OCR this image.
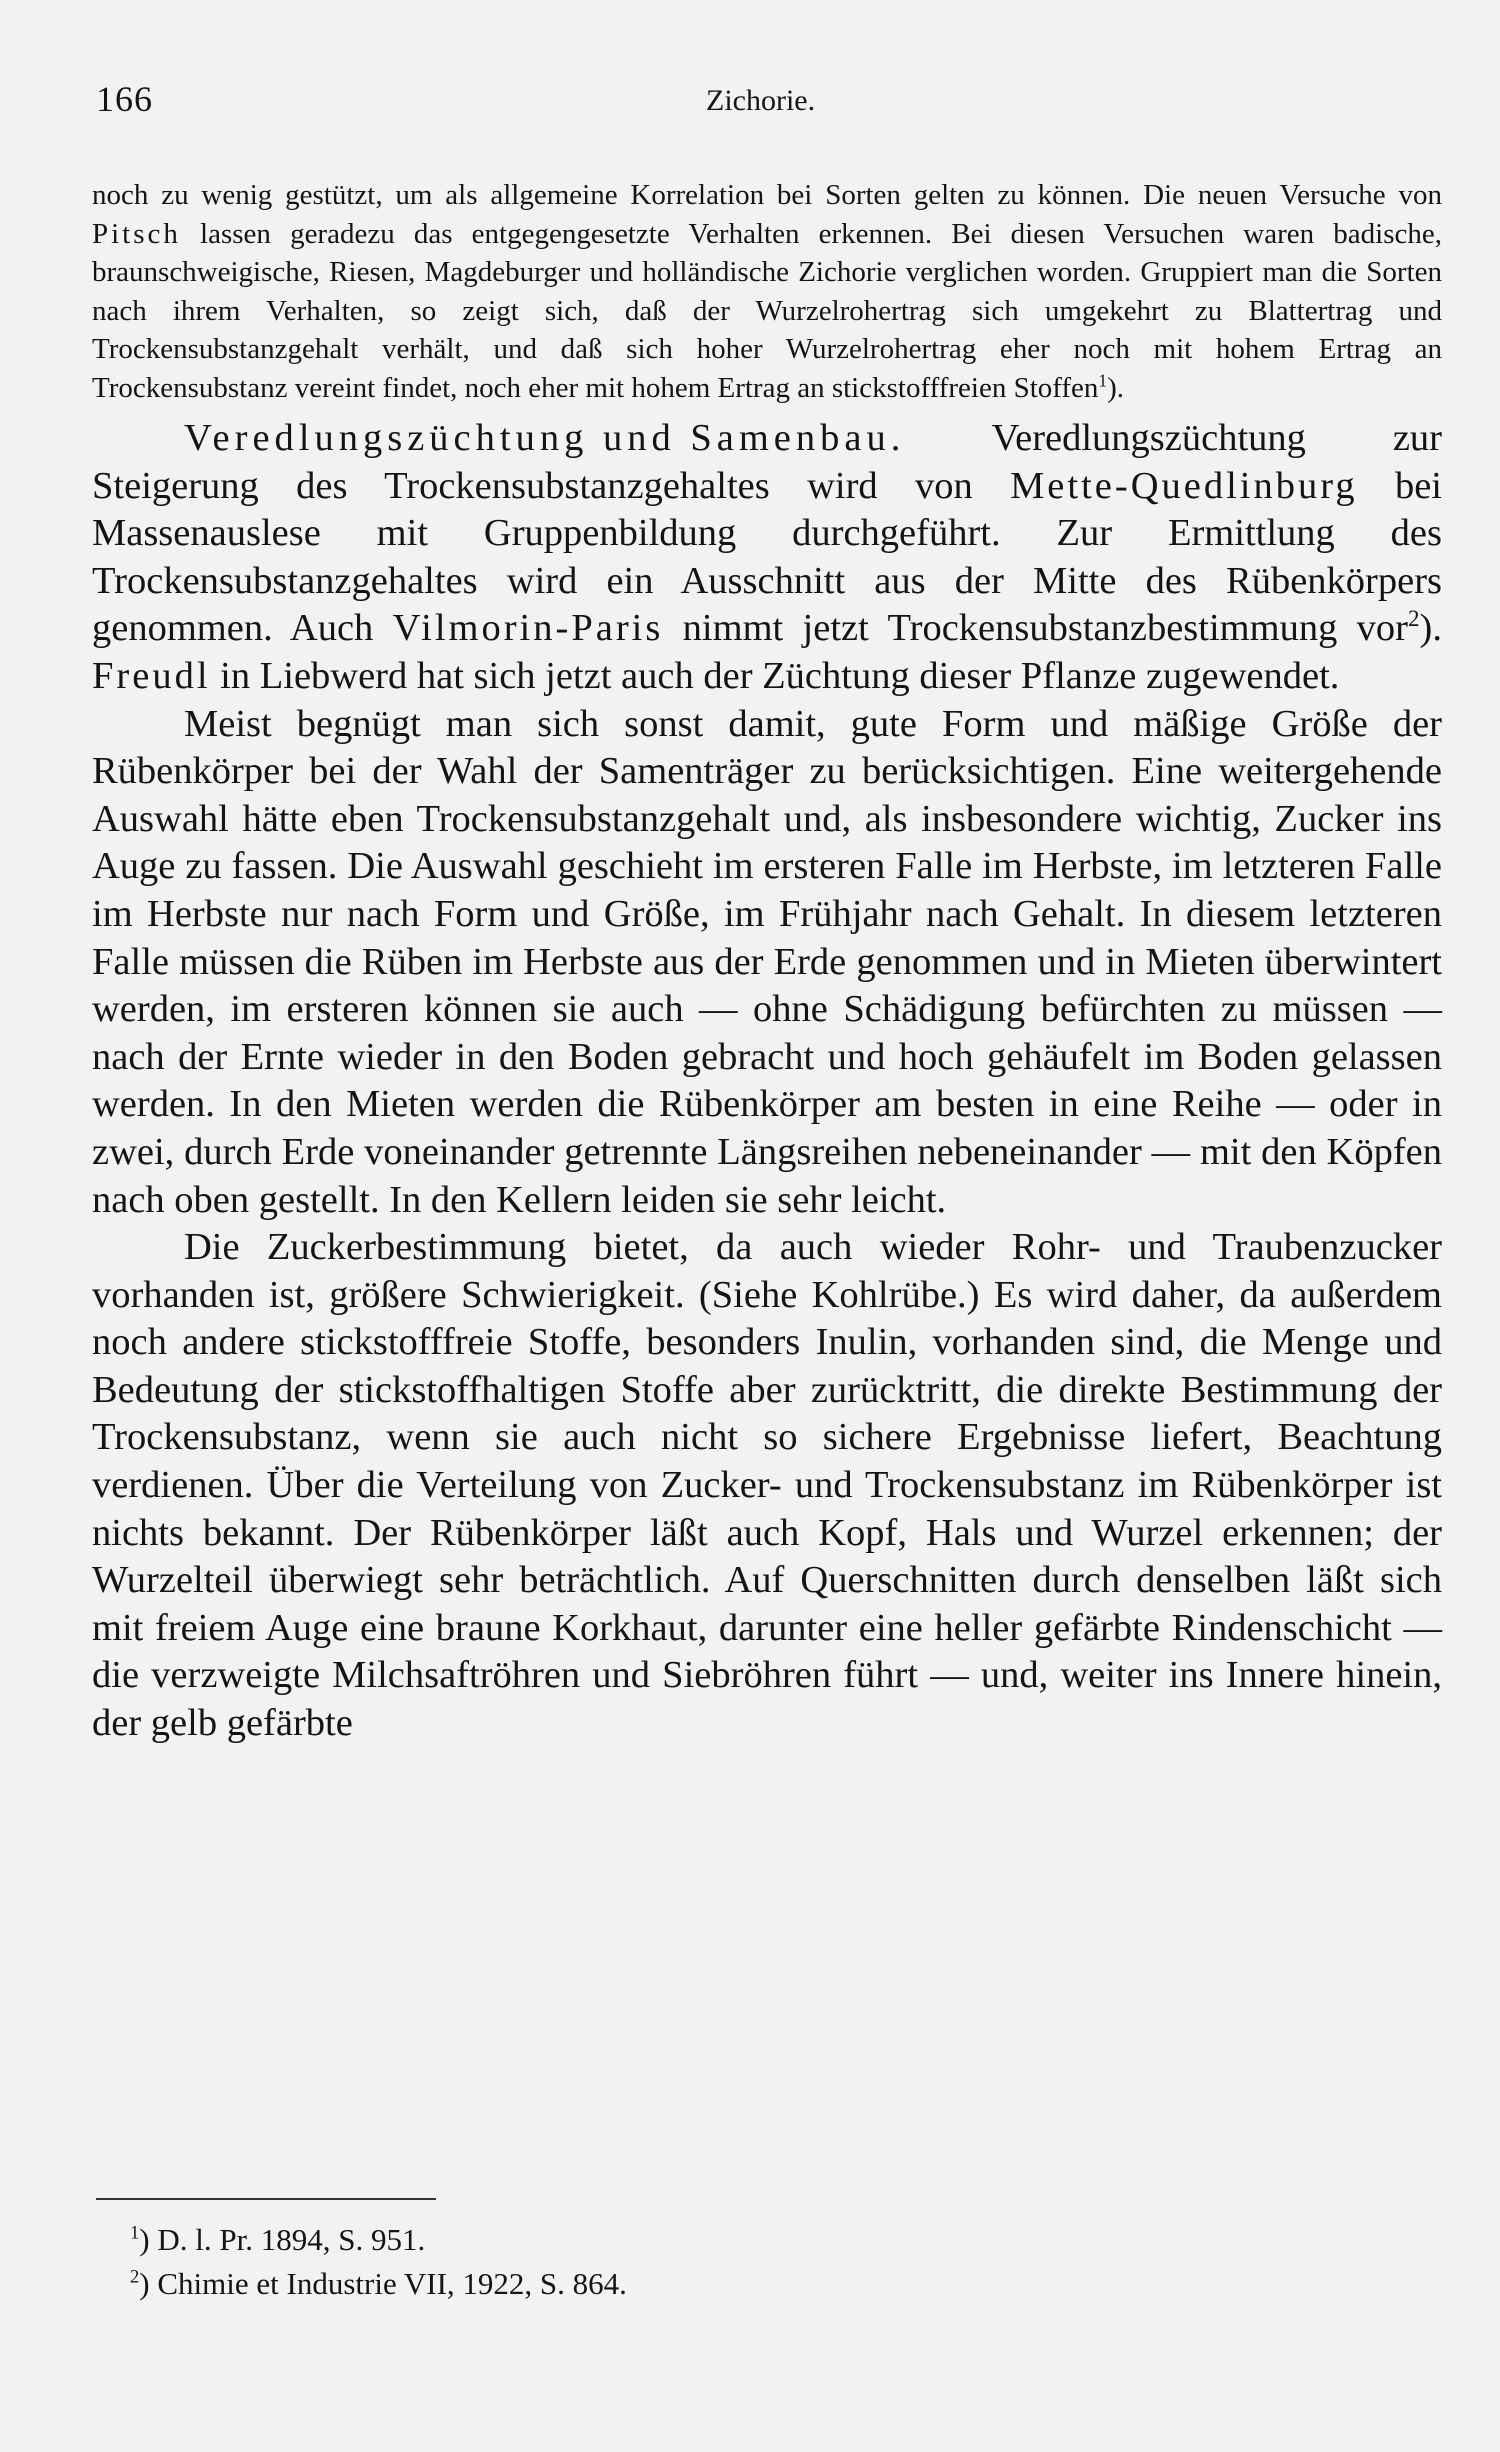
166	Zichorie.

noch zu wenig gestützt, um als allgemeine Korrelation bei Sorten gelten zu können. Die neuen Versuche von Pitsch lassen geradezu das entgegengesetzte Verhalten erkennen. Bei diesen Versuchen waren badische, braunschweigische, Riesen, Magdeburger und holländische Zichorie verglichen worden. Gruppiert man die Sorten nach ihrem Verhalten, so zeigt sich, daß der Wurzelrohertrag sich umgekehrt zu Blattertrag und Trockensubstanzgehalt verhält, und daß sich hoher Wurzelrohertrag eher noch mit hohem Ertrag an Trockensubstanz vereint findet, noch eher mit hohem Ertrag an stickstofffreien Stoffen$^1$).

Veredlungszüchtung und Samenbau. Veredlungszüchtung zur Steigerung des Trockensubstanzgehaltes wird von Mette-Quedlinburg bei Massenauslese mit Gruppenbildung durchgeführt. Zur Ermittlung des Trockensubstanzgehaltes wird ein Ausschnitt aus der Mitte des Rübenkörpers genommen. Auch Vilmorin-Paris nimmt jetzt Trockensubstanzbestimmung vor$^2$). Freudl in Liebwerd hat sich jetzt auch der Züchtung dieser Pflanze zugewendet.

Meist begnügt man sich sonst damit, gute Form und mäßige Größe der Rübenkörper bei der Wahl der Samenträger zu berücksichtigen. Eine weitergehende Auswahl hätte eben Trockensubstanzgehalt und, als insbesondere wichtig, Zucker ins Auge zu fassen. Die Auswahl geschieht im ersteren Falle im Herbste, im letzteren Falle im Herbste nur nach Form und Größe, im Frühjahr nach Gehalt. In diesem letzteren Falle müssen die Rüben im Herbste aus der Erde genommen und in Mieten überwintert werden, im ersteren können sie auch — ohne Schädigung befürchten zu müssen — nach der Ernte wieder in den Boden gebracht und hoch gehäufelt im Boden gelassen werden. In den Mieten werden die Rübenkörper am besten in eine Reihe — oder in zwei, durch Erde voneinander getrennte Längsreihen nebeneinander — mit den Köpfen nach oben gestellt. In den Kellern leiden sie sehr leicht.

Die Zuckerbestimmung bietet, da auch wieder Rohr- und Traubenzucker vorhanden ist, größere Schwierigkeit. (Siehe Kohlrübe.) Es wird daher, da außerdem noch andere stickstofffreie Stoffe, besonders Inulin, vorhanden sind, die Menge und Bedeutung der stickstoffhaltigen Stoffe aber zurücktritt, die direkte Bestimmung der Trockensubstanz, wenn sie auch nicht so sichere Ergebnisse liefert, Beachtung verdienen. Über die Verteilung von Zucker- und Trockensubstanz im Rübenkörper ist nichts bekannt. Der Rübenkörper läßt auch Kopf, Hals und Wurzel erkennen; der Wurzelteil überwiegt sehr beträchtlich. Auf Querschnitten durch denselben läßt sich mit freiem Auge eine braune Korkhaut, darunter eine heller gefärbte Rindenschicht — die verzweigte Milchsaftröhren und Siebröhren führt — und, weiter ins Innere hinein, der gelb gefärbte

$^1$) D. l. Pr. 1894, S. 951.

$^2$) Chimie et Industrie VII, 1922, S. 864.
